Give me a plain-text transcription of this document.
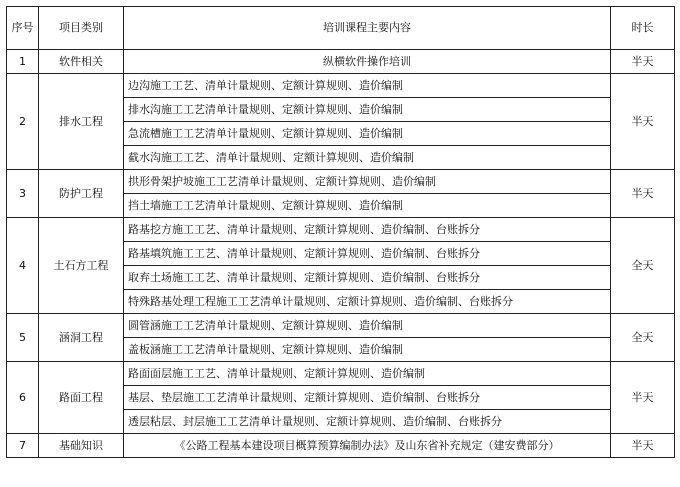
序号	项目类别	培训课程主要内容	时长
1	软件相关	纵横软件操作培训	半天
2	排水工程	边沟施工工艺、清单计量规则、定额计算规则、造价编制	半天
		排水沟施工工艺清单计量规则、定额计算规则、造价编制	
		急流槽施工工艺清单计量规则、定额计算规则、造价编制	
		截水沟施工工艺、清单计量规则、定额计算规则、造价编制	
3	防护工程	拱形骨架护坡施工工艺清单计量规则、定额计算规则、造价编制	半天
		挡土墙施工工艺清单计量规则、定额计算规则、造价编制	
4	土石方工程	路基挖方施工工艺、清单计量规则、定额计算规则、造价编制、台账拆分	全天
		路基填筑施工工艺、清单计量规则、定额计算规则、造价编制、台账拆分	
		取弃土场施工工艺、清单计量规则、定额计算规则、造价编制、台账拆分	
		特殊路基处理工程施工工艺清单计量规则、定额计算规则、造价编制、台账拆分	
5	涵洞工程	圆管涵施工工艺清单计量规则、定额计算规则、造价编制	全天
		盖板涵施工工艺清单计量规则、定额计算规则、造价编制	
6	路面工程	路面面层施工工艺、清单计量规则、定额计算规则、造价编制	半天
		基层、垫层施工工艺清单计量规则、定额计算规则、造价编制、台账拆分	
		透层粘层、封层施工工艺清单计量规则、定额计算规则、造价编制、台账拆分	
7	基础知识	《公路工程基本建设项目概算预算编制办法》及山东省补充规定（建安费部分）	半天
